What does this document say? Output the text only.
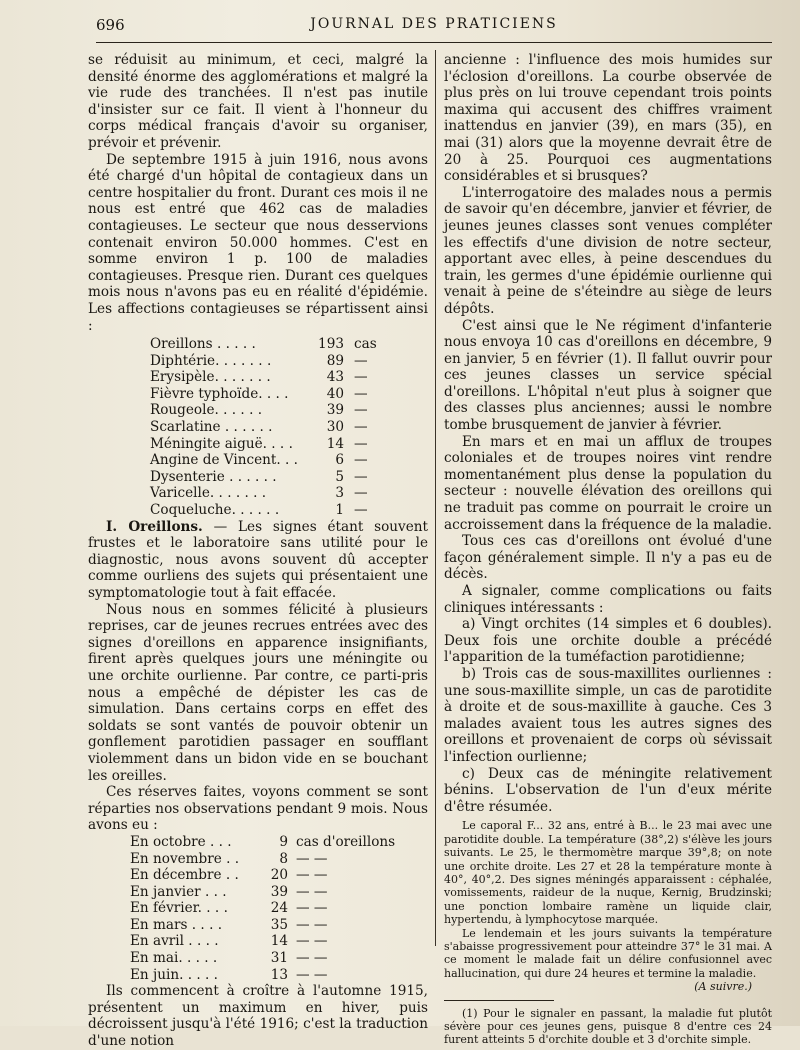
696	JOURNAL DES PRATICIENS

se réduisit au minimum, et ceci, malgré la densité énorme des agglomérations et malgré la vie rude des tranchées. Il n'est pas inutile d'insister sur ce fait. Il vient à l'honneur du corps médical français d'avoir su organiser, prévoir et prévenir.

De septembre 1915 à juin 1916, nous avons été chargé d'un hôpital de contagieux dans un centre hospitalier du front. Durant ces mois il ne nous est entré que 462 cas de maladies contagieuses. Le secteur que nous desservions contenait environ 50.000 hommes. C'est en somme environ 1 p. 100 de maladies contagieuses. Presque rien. Durant ces quelques mois nous n'avons pas eu en réalité d'épidémie. Les affections contagieuses se répartissent ainsi :

Oreillons . . . . .	193	cas
Diphtérie. . . . . . .	89	—
Erysipèle. . . . . . .	43	—
Fièvre typhoïde. . . .	40	—
Rougeole. . . . . .	39	—
Scarlatine . . . . . .	30	—
Méningite aiguë. . . .	14	—
Angine de Vincent. . .	6	—
Dysenterie . . . . . .	5	—
Varicelle. . . . . . .	3	—
Coqueluche. . . . . .	1	—

I. Oreillons. — Les signes étant souvent frustes et le laboratoire sans utilité pour le diagnostic, nous avons souvent dû accepter comme ourliens des sujets qui présentaient une symptomatologie tout à fait effacée.

Nous nous en sommes félicité à plusieurs reprises, car de jeunes recrues entrées avec des signes d'oreillons en apparence insignifiants, firent après quelques jours une méningite ou une orchite ourlienne. Par contre, ce parti-pris nous a empêché de dépister les cas de simulation. Dans certains corps en effet des soldats se sont vantés de pouvoir obtenir un gonflement parotidien passager en soufflant violemment dans un bidon vide en se bouchant les oreilles.

Ces réserves faites, voyons comment se sont réparties nos observations pendant 9 mois. Nous avons eu :

En octobre . . .	9	cas d'oreillons
En novembre . .	8	— —
En décembre . .	20	— —
En janvier . . .	39	— —
En février. . . .	24	— —
En mars . . . .	35	— —
En avril . . . .	14	— —
En mai. . . . .	31	— —
En juin. . . . .	13	— —

Ils commencent à croître à l'automne 1915, présentent un maximum en hiver, puis décroissent jusqu'à l'été 1916; c'est la traduction d'une notion

ancienne : l'influence des mois humides sur l'éclosion d'oreillons. La courbe observée de plus près on lui trouve cependant trois points maxima qui accusent des chiffres vraiment inattendus en janvier (39), en mars (35), en mai (31) alors que la moyenne devrait être de 20 à 25. Pourquoi ces augmentations considérables et si brusques?

L'interrogatoire des malades nous a permis de savoir qu'en décembre, janvier et février, de jeunes jeunes classes sont venues compléter les effectifs d'une division de notre secteur, apportant avec elles, à peine descendues du train, les germes d'une épidémie ourlienne qui venait à peine de s'éteindre au siège de leurs dépôts.

C'est ainsi que le Ne régiment d'infanterie nous envoya 10 cas d'oreillons en décembre, 9 en janvier, 5 en février (1). Il fallut ouvrir pour ces jeunes classes un service spécial d'oreillons. L'hôpital n'eut plus à soigner que des classes plus anciennes; aussi le nombre tombe brusquement de janvier à février.

En mars et en mai un afflux de troupes coloniales et de troupes noires vint rendre momentanément plus dense la population du secteur : nouvelle élévation des oreillons qui ne traduit pas comme on pourrait le croire un accroissement dans la fréquence de la maladie.

Tous ces cas d'oreillons ont évolué d'une façon généralement simple. Il n'y a pas eu de décès.

A signaler, comme complications ou faits cliniques intéressants :

a) Vingt orchites (14 simples et 6 doubles). Deux fois une orchite double a précédé l'apparition de la tuméfaction parotidienne;

b) Trois cas de sous-maxillites ourliennes : une sous-maxillite simple, un cas de parotidite à droite et de sous-maxillite à gauche. Ces 3 malades avaient tous les autres signes des oreillons et provenaient de corps où sévissait l'infection ourlienne;

c) Deux cas de méningite relativement bénins. L'observation de l'un d'eux mérite d'être résumée.

Le caporal F... 32 ans, entré à B... le 23 mai avec une parotidite double. La température (38°,2) s'élève les jours suivants. Le 25, le thermomètre marque 39°,8; on note une orchite droite. Les 27 et 28 la température monte à 40°, 40°,2. Des signes méningés apparaissent : céphalée, vomissements, raideur de la nuque, Kernig, Brudzinski; une ponction lombaire ramène un liquide clair, hypertendu, à lymphocytose marquée.

Le lendemain et les jours suivants la température s'abaisse progressivement pour atteindre 37° le 31 mai. A ce moment le malade fait un délire confusionnel avec hallucination, qui dure 24 heures et termine la maladie.

(A suivre.)

(1) Pour le signaler en passant, la maladie fut plutôt sévère pour ces jeunes gens, puisque 8 d'entre ces 24 furent atteints 5 d'orchite double et 3 d'orchite simple.
